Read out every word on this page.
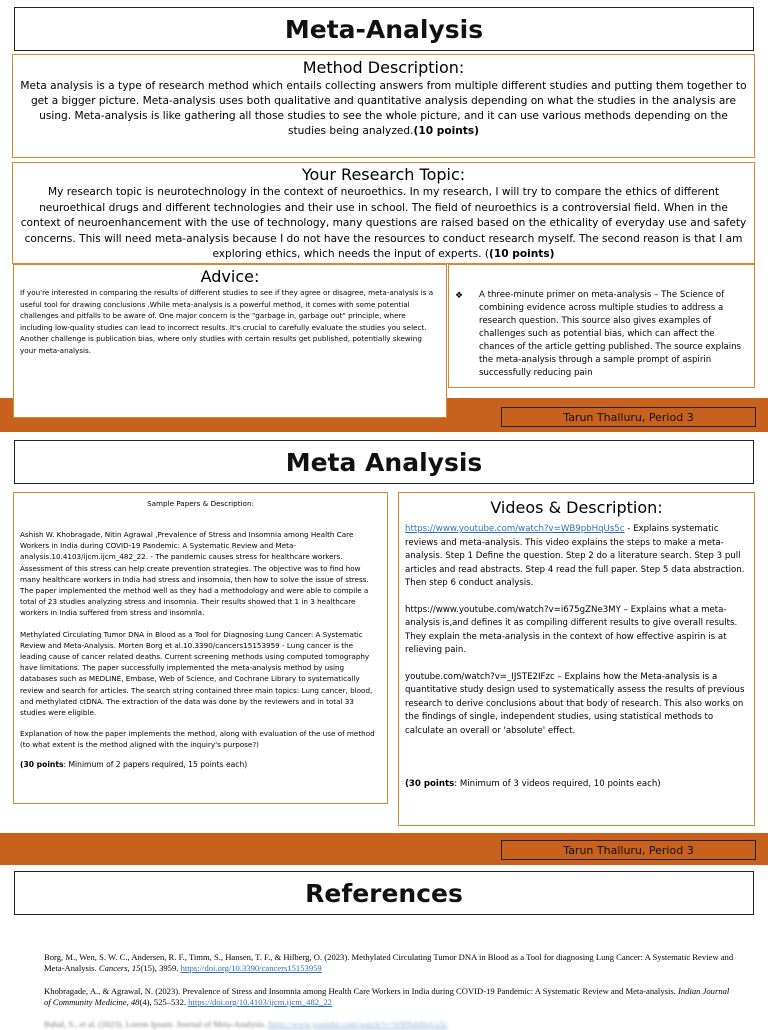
Meta-Analysis
Method Description:
Meta analysis is a type of research method which entails collecting answers from multiple different studies and putting them together to get a bigger picture. Meta-analysis uses both qualitative and quantitative analysis depending on what the studies in the analysis are using. Meta-analysis is like gathering all those studies to see the whole picture, and it can use various methods depending on the studies being analyzed.(10 points)
Your Research Topic:
My research topic is neurotechnology in the context of neuroethics. In my research, I will try to compare the ethics of different neuroethical drugs and different technologies and their use in school. The field of neuroethics is a controversial field. When in the context of neuroenhancement with the use of technology, many questions are raised based on the ethicality of everyday use and safety concerns. This will need meta-analysis because I do not have the resources to conduct research myself. The second reason is that I am exploring ethics, which needs the input of experts. ((10 points)
Tarun Thalluru, Period 3
Advice:
If you're interested in comparing the results of different studies to see if they agree or disagree, meta-analysis is a useful tool for drawing conclusions .While meta-analysis is a powerful method, it comes with some potential challenges and pitfalls to be aware of. One major concern is the "garbage in, garbage out" principle, where including low-quality studies can lead to incorrect results. It's crucial to carefully evaluate the studies you select. Another challenge is publication bias, where only studies with certain results get published, potentially skewing your meta-analysis.
❖	A three-minute primer on meta-analysis – The Science of combining evidence across multiple studies to address a research question. This source also gives examples of challenges such as potential bias, which can affect the chances of the article getting published. The source explains the meta-analysis through a sample prompt of aspirin successfully reducing pain
Meta Analysis
Sample Papers & Description:
Ashish W. Khobragade, Nitin Agrawal ,Prevalence of Stress and Insomnia among Health Care Workers in India during COVID-19 Pandemic: A Systematic Review and Meta-analysis.10.4103/ijcm.ijcm_482_22. - The pandemic causes stress for healthcare workers. Assessment of this stress can help create prevention strategies. The objective was to find how many healthcare workers in India had stress and insomnia, then how to solve the issue of stress. The paper implemented the method well as they had a methodology and were able to compile a total of 23 studies analyzing stress and insomnia. Their results showed that 1 in 3 healthcare workers in India suffered from stress and insomnia.
Methylated Circulating Tumor DNA in Blood as a Tool for Diagnosing Lung Cancer: A Systematic Review and Meta-Analysis. Morten Borg et al.10.3390/cancers15153959 - Lung cancer is the leading cause of cancer related deaths. Current screening methods using computed tomography have limitations. The paper successfully implemented the meta-analysis method by using databases such as MEDLINE, Embase, Web of Science, and Cochrane Library to systematically review and search for articles. The search string contained three main topics: Lung cancer, blood, and methylated ctDNA. The extraction of the data was done by the reviewers and in total 33 studies were eligible.
Explanation of how the paper implements the method, along with evaluation of the use of method (to what extent is the method aligned with the inquiry's purpose?)
(30 points: Minimum of 2 papers required, 15 points each)
Videos & Description:
https://www.youtube.com/watch?v=WB9pbHqUs5c - Explains systematic reviews and meta-analysis. This video explains the steps to make a meta-analysis. Step 1 Define the question. Step 2 do a literature search. Step 3 pull articles and read abstracts. Step 4 read the full paper. Step 5 data abstraction. Then step 6 conduct analysis.
https://www.youtube.com/watch?v=i675gZNe3MY – Explains what a meta-analysis is,and defines it as compiling different results to give overall results. They explain the meta-analysis in the context of how effective aspirin is at relieving pain.
youtube.com/watch?v=_IJSTE2IFzc – Explains how the Meta-analysis is a quantitative study design used to systematically assess the results of previous research to derive conclusions about that body of research. This also works on the findings of single, independent studies, using statistical methods to calculate an overall or 'absolute' effect.
(30 points: Minimum of 3 videos required, 10 points each)
Tarun Thalluru, Period 3
References
Borg, M., Wen, S. W. C., Andersen, R. F., Timm, S., Hansen, T. F., & Hilberg, O. (2023). Methylated Circulating Tumor DNA in Blood as a Tool for diagnosing Lung Cancer: A Systematic Review and Meta-Analysis. Cancers, 15(15), 3959. https://doi.org/10.3390/cancers15153959
Khobragade, A., & Agrawal, N. (2023). Prevalence of Stress and Insomnia among Health Care Workers in India during COVID-19 Pandemic: A Systematic Review and Meta-analysis. Indian Journal of Community Medicine, 48(4), 525–532. https://doi.org/10.4103/ijcm.ijcm_482_22
Bahal, S., et al. (2023). Lorem Ipsum. Journal of Meta-Analysis. https://www.youtube.com/watch?v=WB9pbHqUs5c
